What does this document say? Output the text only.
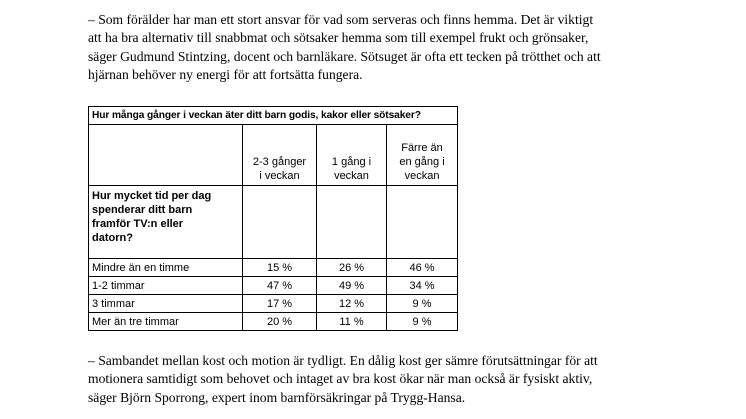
– Som förälder har man ett stort ansvar för vad som serveras och finns hemma. Det är viktigt
att ha bra alternativ till snabbmat och sötsaker hemma som till exempel frukt och grönsaker,
säger Gudmund Stintzing, docent och barnläkare. Sötsuget är ofta ett tecken på trötthet och att
hjärnan behöver ny energi för att fortsätta fungera.

Hur många gånger i veckan äter ditt barn godis, kakor eller sötsaker?			

	2-3 gånger
i veckan	1 gång i
veckan	Färre än
en gång i
veckan

Hur mycket tid per dag
spenderar ditt barn
framför TV:n eller
datorn?			

Mindre än en timme	15 %	26 %	46 %
1-2 timmar	47 %	49 %	34 %
3 timmar	17 %	12 %	9 %
Mer än tre timmar	20 %	11 %	9 %

– Sambandet mellan kost och motion är tydligt. En dålig kost ger sämre förutsättningar för att
motionera samtidigt som behovet och intaget av bra kost ökar när man också är fysiskt aktiv,
säger Björn Sporrong, expert inom barnförsäkringar på Trygg-Hansa.
